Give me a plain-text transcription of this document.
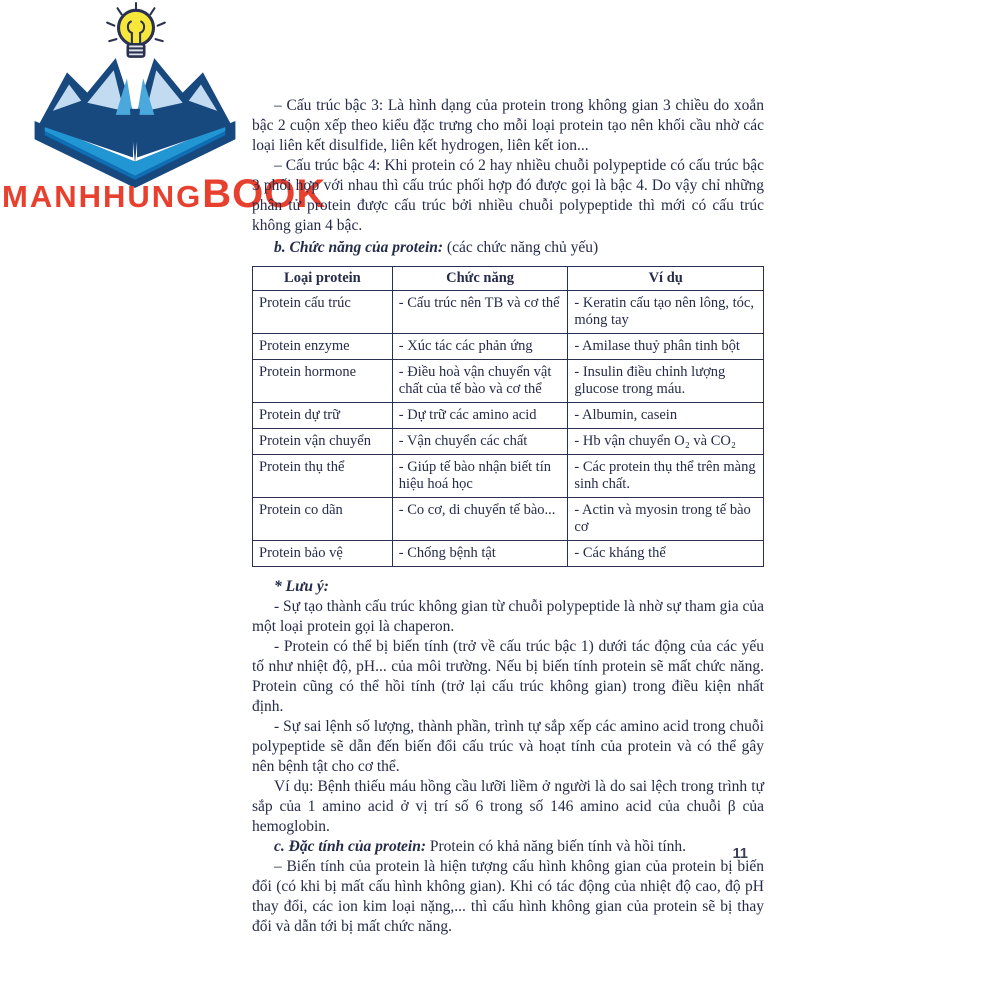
MANHHUNGBOOK

– Cấu trúc bậc 3: Là hình dạng của protein trong không gian 3 chiều do xoắn bậc 2 cuộn xếp theo kiểu đặc trưng cho mỗi loại protein tạo nên khối cầu nhờ các loại liên kết disulfide, liên kết hydrogen, liên kết ion...

– Cấu trúc bậc 4: Khi protein có 2 hay nhiều chuỗi polypeptide có cấu trúc bậc 3 phối hợp với nhau thì cấu trúc phối hợp đó được gọi là bậc 4. Do vậy chỉ những phân tử protein được cấu trúc bởi nhiều chuỗi polypeptide thì mới có cấu trúc không gian 4 bậc.

b. Chức năng của protein: (các chức năng chủ yếu)

Loại protein	Chức năng	Ví dụ
Protein cấu trúc	- Cấu trúc nên TB và cơ thể	- Keratin cấu tạo nên lông, tóc, móng tay
Protein enzyme	- Xúc tác các phản ứng	- Amilase thuỷ phân tinh bột
Protein hormone	- Điều hoà vận chuyển vật chất của tế bào và cơ thể	- Insulin điều chỉnh lượng glucose trong máu.
Protein dự trữ	- Dự trữ các amino acid	- Albumin, casein
Protein vận chuyển	- Vận chuyển các chất	- Hb vận chuyển O₂ và CO₂
Protein thụ thể	- Giúp tế bào nhận biết tín hiệu hoá học	- Các protein thụ thể trên màng sinh chất.
Protein co dãn	- Co cơ, di chuyển tế bào...	- Actin và myosin trong tế bào cơ
Protein bảo vệ	- Chống bệnh tật	- Các kháng thể

* Lưu ý:

- Sự tạo thành cấu trúc không gian từ chuỗi polypeptide là nhờ sự tham gia của một loại protein gọi là chaperon.

- Protein có thể bị biến tính (trở về cấu trúc bậc 1) dưới tác động của các yếu tố như nhiệt độ, pH... của môi trường. Nếu bị biến tính protein sẽ mất chức năng. Protein cũng có thể hồi tính (trở lại cấu trúc không gian) trong điều kiện nhất định.

- Sự sai lệnh số lượng, thành phần, trình tự sắp xếp các amino acid trong chuỗi polypeptide sẽ dẫn đến biến đổi cấu trúc và hoạt tính của protein và có thể gây nên bệnh tật cho cơ thể.

Ví dụ: Bệnh thiếu máu hồng cầu lưỡi liềm ở người là do sai lệch trong trình tự sắp của 1 amino acid ở vị trí số 6 trong số 146 amino acid của chuỗi β của hemoglobin.

c. Đặc tính của protein: Protein có khả năng biến tính và hồi tính.

– Biến tính của protein là hiện tượng cấu hình không gian của protein bị biến đổi (có khi bị mất cấu hình không gian). Khi có tác động của nhiệt độ cao, độ pH thay đổi, các ion kim loại nặng,... thì cấu hình không gian của protein sẽ bị thay đổi và dẫn tới bị mất chức năng.

11
